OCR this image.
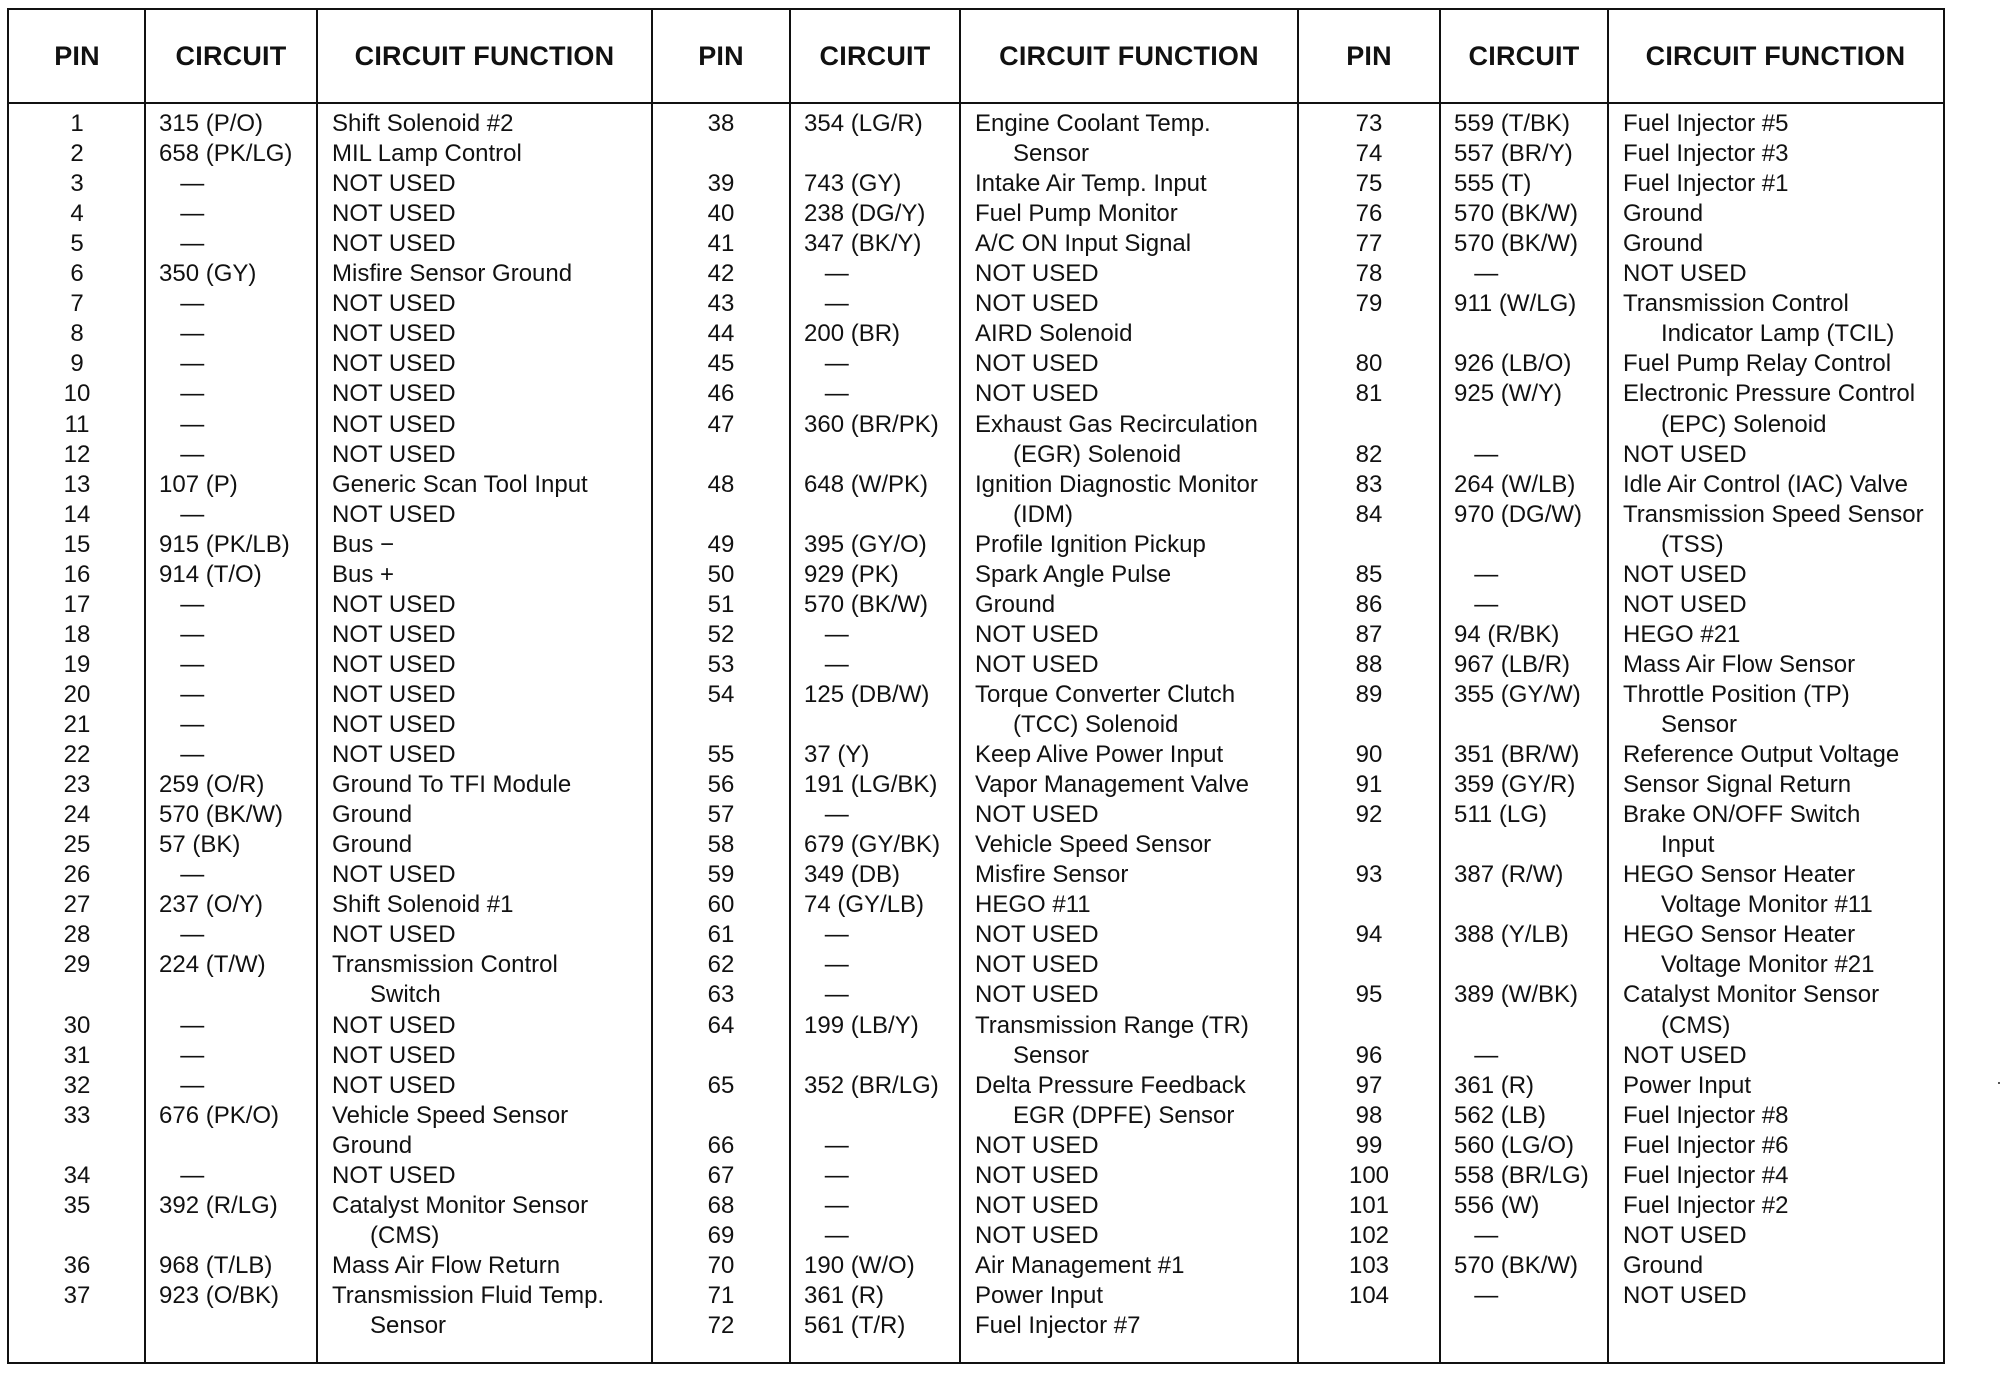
PIN	CIRCUIT	CIRCUIT FUNCTION
1	315 (P/O)	Shift Solenoid #2
2	658 (PK/LG) MIL Lamp Control
3	—	NOT USED
4	—	NOT USED
5	—	NOT USED
6	350 (GY)	Misfire Sensor Ground
7	—	NOT USED
8	—	NOT USED
9	—	NOT USED
10	—	NOT USED
11	—	NOT USED
12	—	NOT USED
13	107 (P)	Generic Scan Tool Input
14	—	NOT USED
15	915 (PK/LB) Bus −
16	914 (T/O)	Bus +
17	—	NOT USED
18	—	NOT USED
19	—	NOT USED
20	—	NOT USED
21	—	NOT USED
22	—	NOT USED
23	259 (O/R)	Ground To TFI Module
24	570 (BK/W) Ground
25	57 (BK)	Ground
26	—	NOT USED
27	237 (O/Y)	Shift Solenoid #1
28	—	NOT USED
29	224 (T/W)	Transmission Control
Switch
30	—	NOT USED
31	—	NOT USED
32	—	NOT USED
33	676 (PK/O) Vehicle Speed Sensor
Ground
34	—	NOT USED
35	392 (R/LG) Catalyst Monitor Sensor
(CMS)
36	968 (T/LB) Mass Air Flow Return
37	923 (O/BK) Transmission Fluid Temp.
Sensor
PIN	CIRCUIT	CIRCUIT FUNCTION
38	354 (LG/R) Engine Coolant Temp.
Sensor
39	743 (GY)	Intake Air Temp. Input
40	238 (DG/Y) Fuel Pump Monitor
41	347 (BK/Y) A/C ON Input Signal
42	—	NOT USED
43	—	NOT USED
44	200 (BR)	AIRD Solenoid
45	—	NOT USED
46	—	NOT USED
47	360 (BR/PK) Exhaust Gas Recirculation
(EGR) Solenoid
48	648 (W/PK) Ignition Diagnostic Monitor
(IDM)
49	395 (GY/O) Profile Ignition Pickup
50	929 (PK)	Spark Angle Pulse
51	570 (BK/W) Ground
52	—	NOT USED
53	—	NOT USED
54	125 (DB/W) Torque Converter Clutch
(TCC) Solenoid
55	37 (Y)	Keep Alive Power Input
56	191 (LG/BK) Vapor Management Valve
57	—	NOT USED
58	679 (GY/BK) Vehicle Speed Sensor
59	349 (DB)	Misfire Sensor
60	74 (GY/LB) HEGO #11
61	—	NOT USED
62	—	NOT USED
63	—	NOT USED
64	199 (LB/Y) Transmission Range (TR)
Sensor
65	352 (BR/LG) Delta Pressure Feedback
EGR (DPFE) Sensor
66	—	NOT USED
67	—	NOT USED
68	—	NOT USED
69	—	NOT USED
70	190 (W/O)	Air Management #1
71	361 (R)	Power Input
72	561 (T/R)	Fuel Injector #7
PIN	CIRCUIT	CIRCUIT FUNCTION
73	559 (T/BK) Fuel Injector #5
74	557 (BR/Y) Fuel Injector #3
75	555 (T)	Fuel Injector #1
76	570 (BK/W) Ground
77	570 (BK/W) Ground
78	—	NOT USED
79	911 (W/LG) Transmission Control
Indicator Lamp (TCIL)
80	926 (LB/O) Fuel Pump Relay Control
81	925 (W/Y)	Electronic Pressure Control
(EPC) Solenoid
82	—	NOT USED
83	264 (W/LB) Idle Air Control (IAC) Valve
84	970 (DG/W) Transmission Speed Sensor
(TSS)
85	—	NOT USED
86	—	NOT USED
87	94 (R/BK)	HEGO #21
88	967 (LB/R) Mass Air Flow Sensor
89	355 (GY/W) Throttle Position (TP)
Sensor
90	351 (BR/W) Reference Output Voltage
91	359 (GY/R) Sensor Signal Return
92	511 (LG)	Brake ON/OFF Switch
Input
93	387 (R/W) HEGO Sensor Heater
Voltage Monitor #11
94	388 (Y/LB) HEGO Sensor Heater
Voltage Monitor #21
95	389 (W/BK) Catalyst Monitor Sensor
(CMS)
96	—	NOT USED
97	361 (R)	Power Input
98	562 (LB)	Fuel Injector #8
99	560 (LG/O) Fuel Injector #6
100	558 (BR/LG) Fuel Injector #4
101	556 (W)	Fuel Injector #2
102	—	NOT USED
103	570 (BK/W) Ground
104	—	NOT USED
